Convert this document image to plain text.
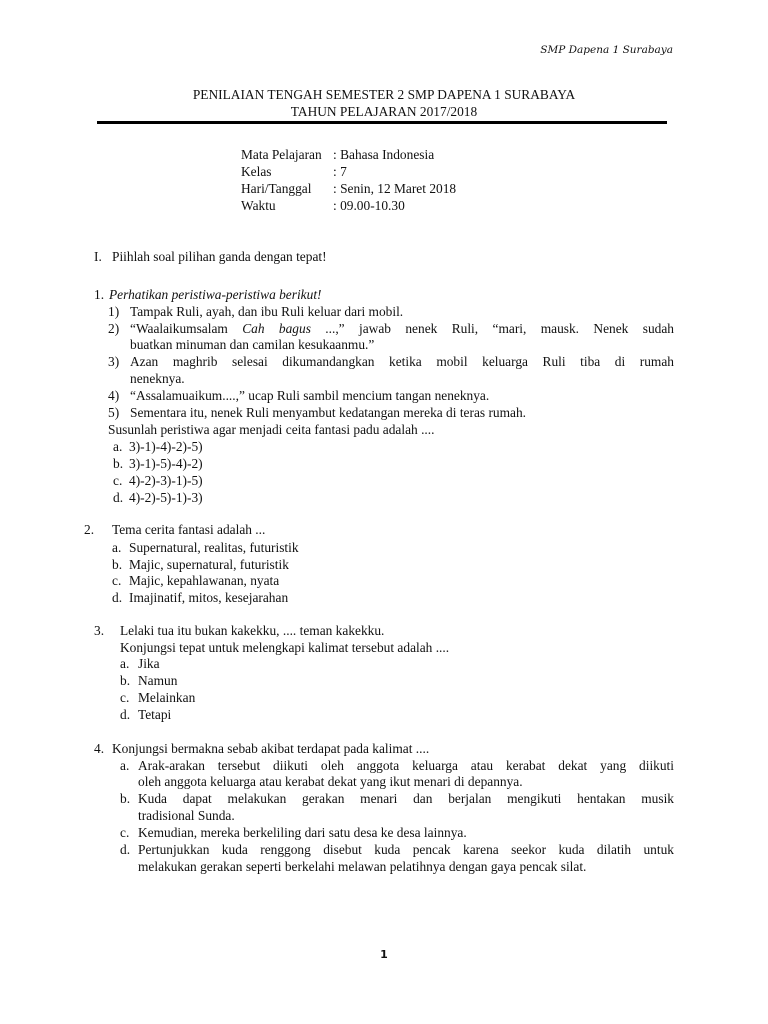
SMP Dapena 1 Surabaya
PENILAIAN TENGAH SEMESTER 2 SMP DAPENA 1 SURABAYA
TAHUN PELAJARAN 2017/2018
Mata Pelajaran : Bahasa Indonesia
Kelas	: 7
Hari/Tanggal : Senin, 12 Maret 2018
Waktu	: 09.00-10.30
I. Piihlah soal pilihan ganda dengan tepat!
1. Perhatikan peristiwa-peristiwa berikut!
1) Tampak Ruli, ayah, dan ibu Ruli keluar dari mobil.
2) “Waalaikumsalam Cah bagus ...,” jawab nenek Ruli, “mari, mausk. Nenek sudah
buatkan minuman dan camilan kesukaanmu.”
3) Azan maghrib selesai dikumandangkan ketika mobil keluarga Ruli tiba di rumah
neneknya.
4) “Assalamuaikum....,” ucap Ruli sambil mencium tangan neneknya.
5) Sementara itu, nenek Ruli menyambut kedatangan mereka di teras rumah.
Susunlah peristiwa agar menjadi ceita fantasi padu adalah ....
a. 3)-1)-4)-2)-5)
b. 3)-1)-5)-4)-2)
c. 4)-2)-3)-1)-5)
d. 4)-2)-5)-1)-3)
2. Tema cerita fantasi adalah ...
a. Supernatural, realitas, futuristik
b. Majic, supernatural, futuristik
c. Majic, kepahlawanan, nyata
d. Imajinatif, mitos, kesejarahan
3. Lelaki tua itu bukan kakekku, .... teman kakekku.
Konjungsi tepat untuk melengkapi kalimat tersebut adalah ....
a. Jika
b. Namun
c. Melainkan
d. Tetapi
4. Konjungsi bermakna sebab akibat terdapat pada kalimat ....
a. Arak-arakan tersebut diikuti oleh anggota keluarga atau kerabat dekat yang diikuti
oleh anggota keluarga atau kerabat dekat yang ikut menari di depannya.
b. Kuda dapat melakukan gerakan menari dan berjalan mengikuti hentakan musik
tradisional Sunda.
c. Kemudian, mereka berkeliling dari satu desa ke desa lainnya.
d. Pertunjukkan kuda renggong disebut kuda pencak karena seekor kuda dilatih untuk
melakukan gerakan seperti berkelahi melawan pelatihnya dengan gaya pencak silat.
1
